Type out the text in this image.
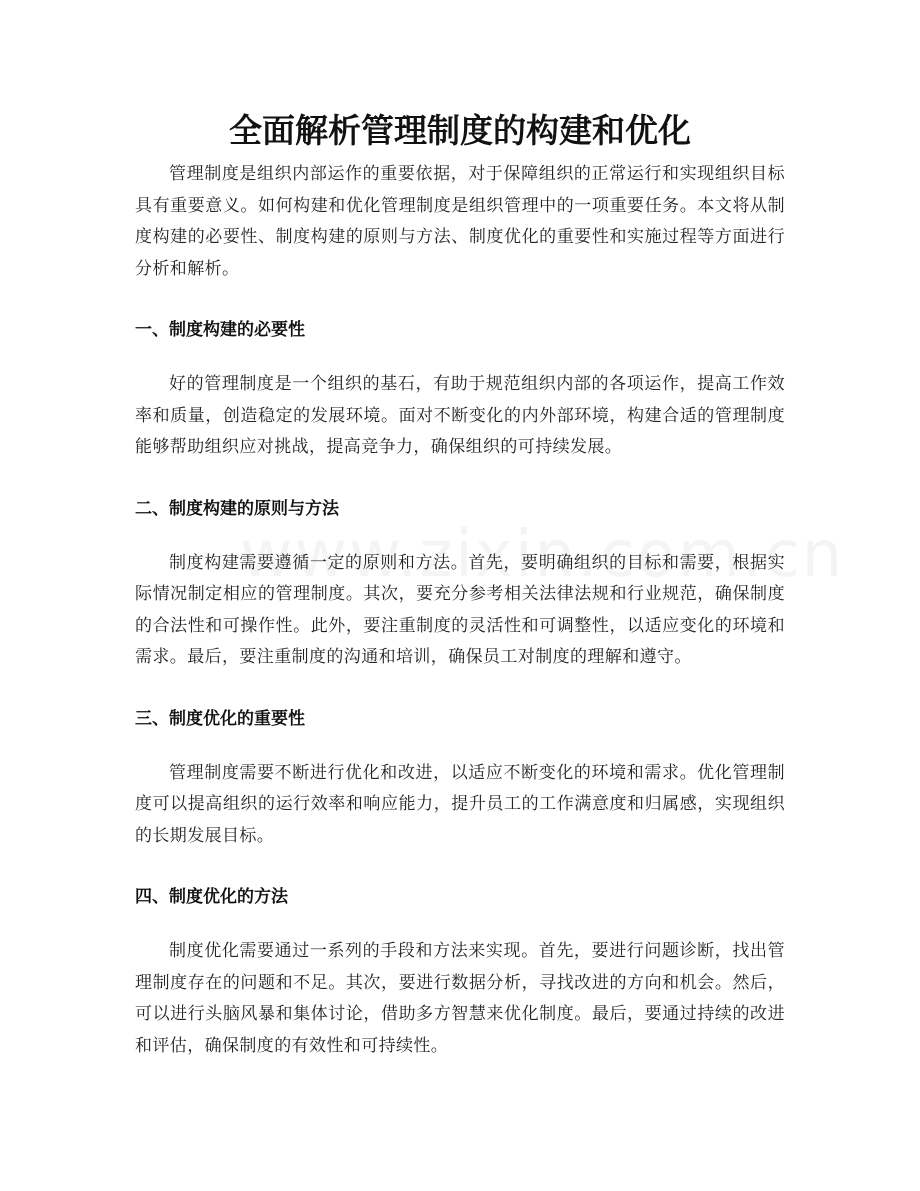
全面解析管理制度的构建和优化

管理制度是组织内部运作的重要依据，对于保障组织的正常运行和实现组织目标具有重要意义。如何构建和优化管理制度是组织管理中的一项重要任务。本文将从制度构建的必要性、制度构建的原则与方法、制度优化的重要性和实施过程等方面进行分析和解析。

一、制度构建的必要性

好的管理制度是一个组织的基石，有助于规范组织内部的各项运作，提高工作效率和质量，创造稳定的发展环境。面对不断变化的内外部环境，构建合适的管理制度能够帮助组织应对挑战，提高竞争力，确保组织的可持续发展。

二、制度构建的原则与方法

制度构建需要遵循一定的原则和方法。首先，要明确组织的目标和需要，根据实际情况制定相应的管理制度。其次，要充分参考相关法律法规和行业规范，确保制度的合法性和可操作性。此外，要注重制度的灵活性和可调整性，以适应变化的环境和需求。最后，要注重制度的沟通和培训，确保员工对制度的理解和遵守。

三、制度优化的重要性

管理制度需要不断进行优化和改进，以适应不断变化的环境和需求。优化管理制度可以提高组织的运行效率和响应能力，提升员工的工作满意度和归属感，实现组织的长期发展目标。

四、制度优化的方法

制度优化需要通过一系列的手段和方法来实现。首先，要进行问题诊断，找出管理制度存在的问题和不足。其次，要进行数据分析，寻找改进的方向和机会。然后，可以进行头脑风暴和集体讨论，借助多方智慧来优化制度。最后，要通过持续的改进和评估，确保制度的有效性和可持续性。
